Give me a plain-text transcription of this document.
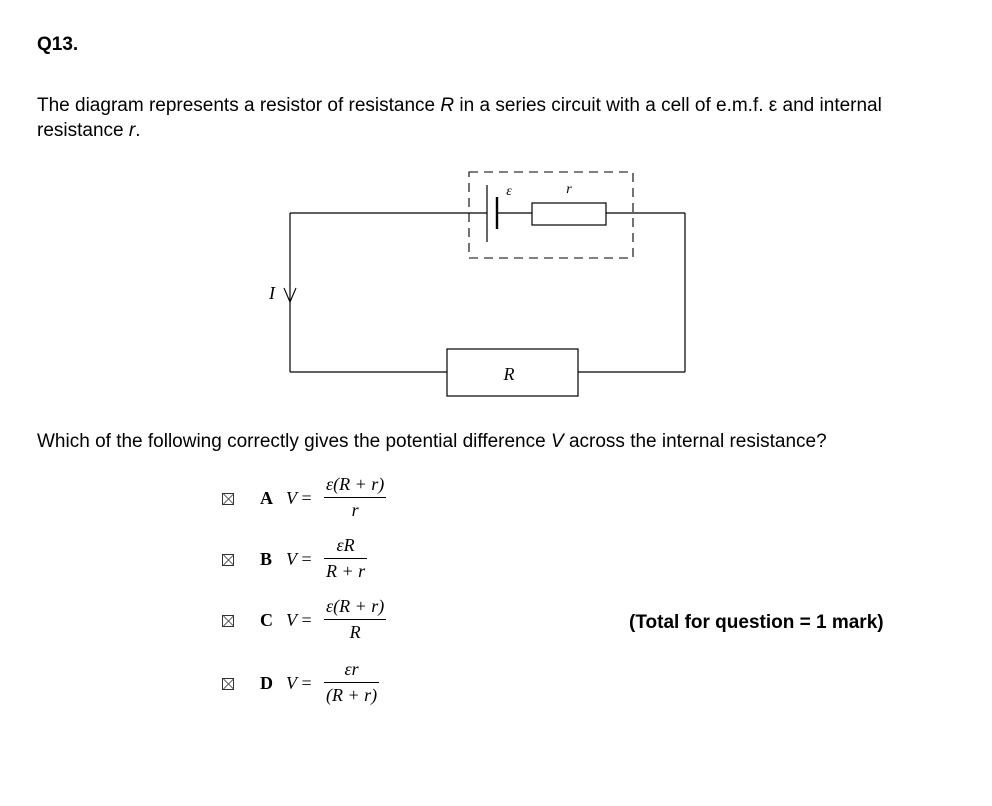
Q13.
The diagram represents a resistor of resistance R in a series circuit with a cell of e.m.f. ε and internal resistance r.
ε	r
I
R
Which of the following correctly gives the potential difference V across the internal resistance?
A V =
ε(R + r)
r
B V =
εR
R + r
C V =
ε(R + r)
R
D V =
εr
(R + r)
(Total for question = 1 mark)
